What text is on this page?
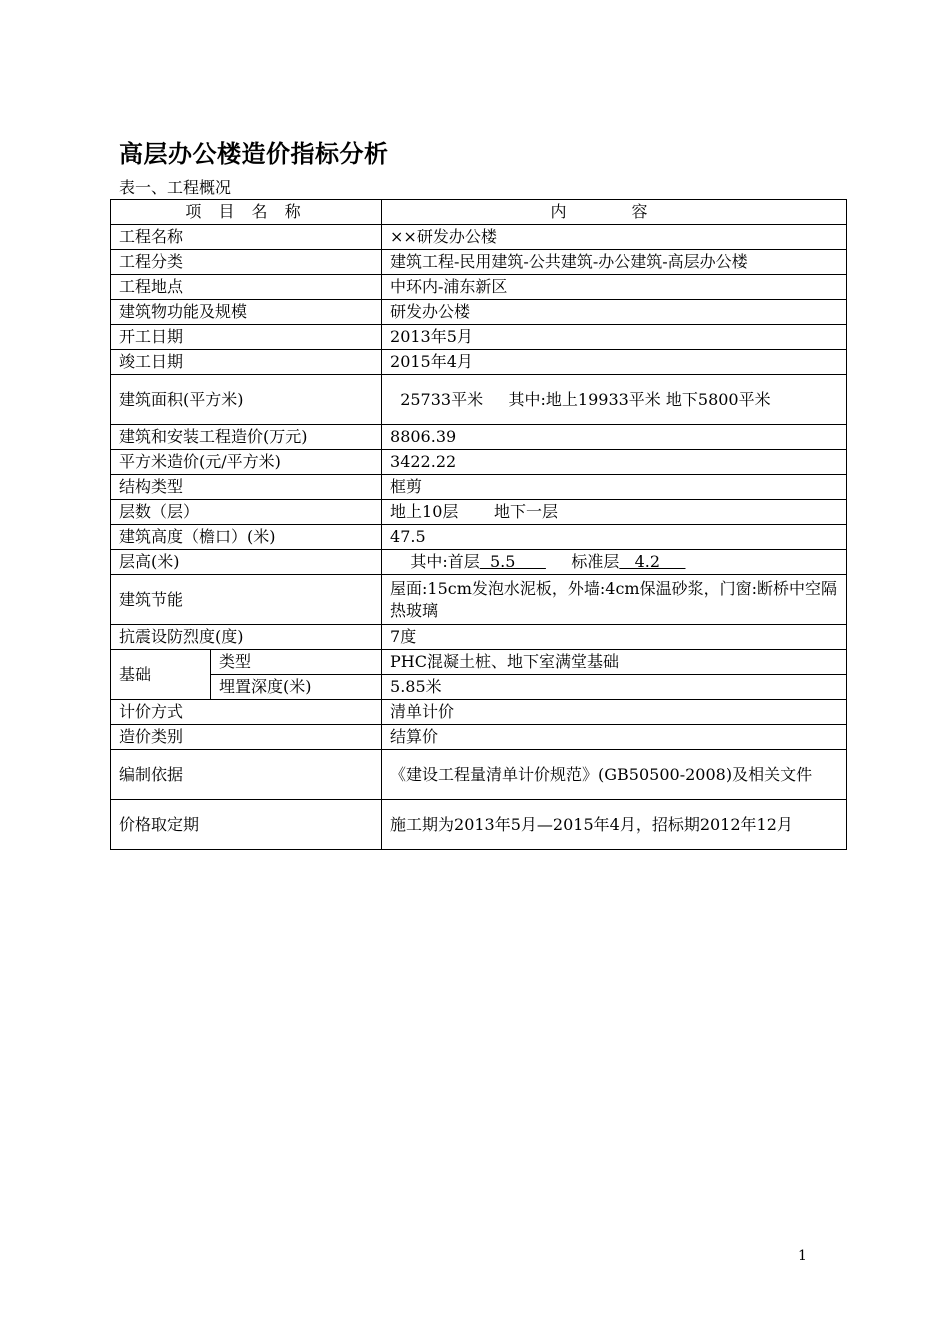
高层办公楼造价指标分析
表一、工程概况
项 目 名 称		内 容
工程名称		××研发办公楼
工程分类		建筑工程-民用建筑-公共建筑-办公建筑-高层办公楼
工程地点		中环内-浦东新区
建筑物功能及规模		研发办公楼
开工日期		2013年5月
竣工日期		2015年4月
建筑面积(平方米)		25733平米     其中:地上19933平米 地下5800平米
建筑和安装工程造价(万元)		8806.39
平方米造价(元/平方米)		3422.22
结构类型		框剪
层数（层）		地上10层       地下一层
建筑高度（檐口）(米)		47.5
层高(米)		其中:首层  5.5           标准层   4.2
建筑节能		屋面:15cm发泡水泥板，外墙:4cm保温砂浆，门窗:断桥中空隔热玻璃
抗震设防烈度(度)		7度
基础	类型	PHC混凝土桩、地下室满堂基础
	埋置深度(米)	5.85米
计价方式		清单计价
造价类别		结算价
编制依据		《建设工程量清单计价规范》(GB50500-2008)及相关文件
价格取定期		施工期为2013年5月—2015年4月，招标期2012年12月
1
